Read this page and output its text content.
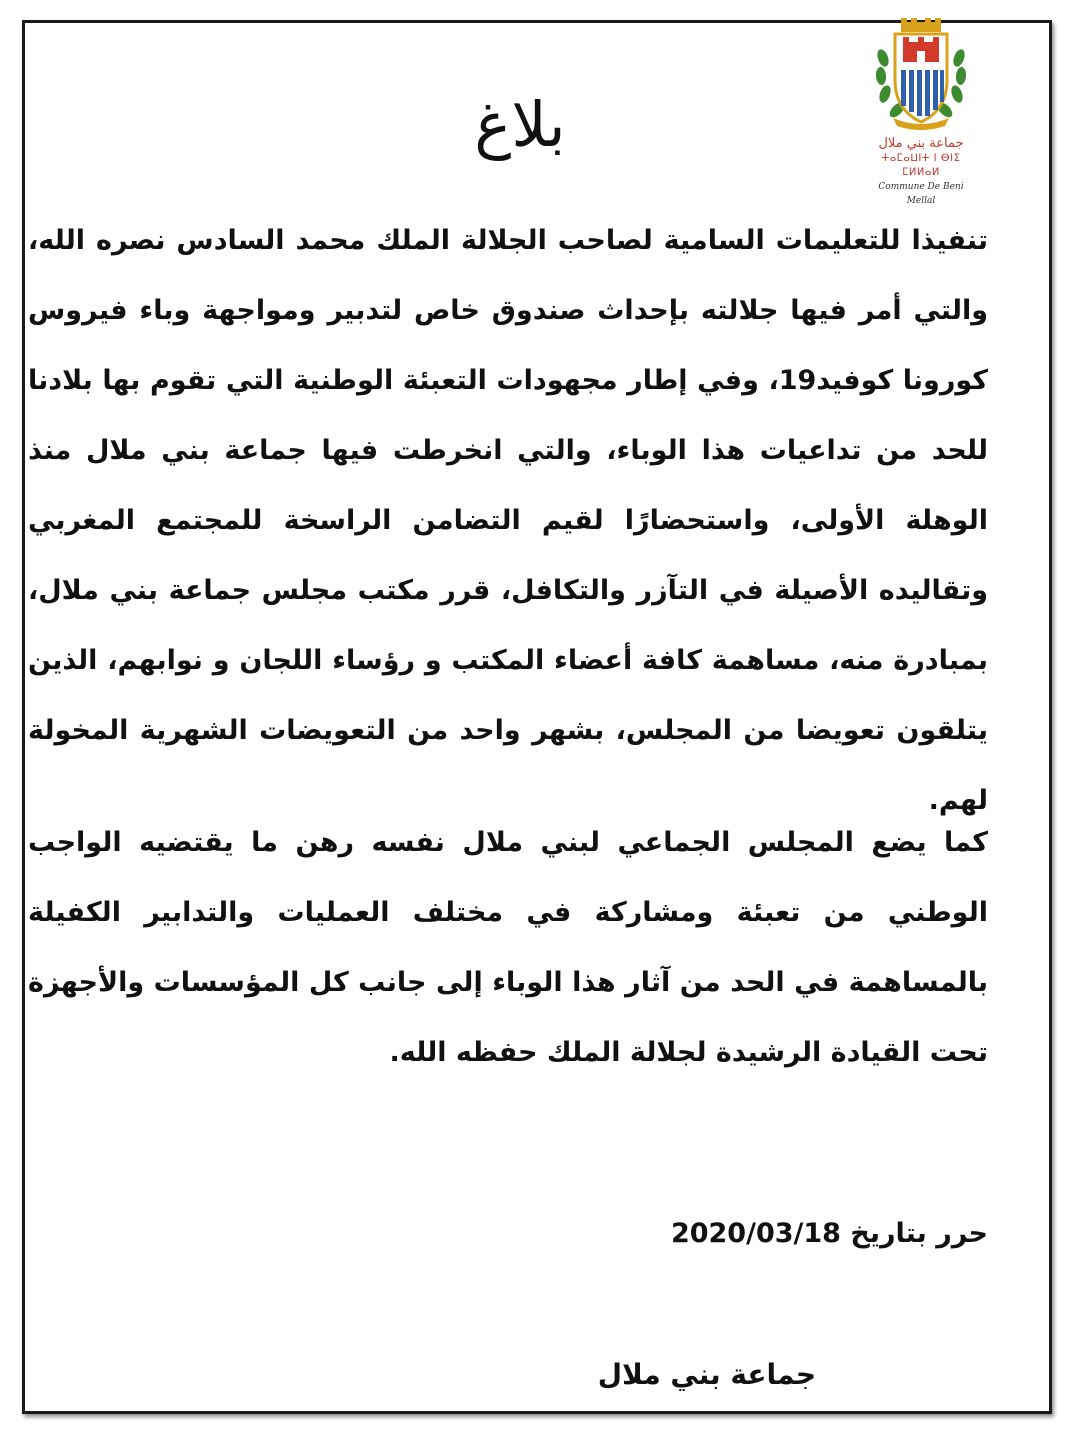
جماعة بني ملال
ⵜⴰⵎⴰⵡⵏⵜ ⵏ ⴱⵏⵉ ⵎⵍⵍⴰⵍ
Commune De Beni Mellal
بلاغ

تنفيذا للتعليمات السامية لصاحب الجلالة الملك محمد السادس نصره الله، والتي أمر فيها جلالته بإحداث صندوق خاص لتدبير ومواجهة وباء فيروس كورونا كوفيد19، وفي إطار مجهودات التعبئة الوطنية التي تقوم بها بلادنا للحد من تداعيات هذا الوباء، والتي انخرطت فيها جماعة بني ملال منذ الوهلة الأولى، واستحضارًا لقيم التضامن الراسخة للمجتمع المغربي وتقاليده الأصيلة في التآزر والتكافل، قرر مكتب مجلس جماعة بني ملال، بمبادرة منه، مساهمة كافة أعضاء المكتب و رؤساء اللجان و نوابهم، الذين يتلقون تعويضا من المجلس، بشهر واحد من التعويضات الشهرية المخولة لهم.

كما يضع المجلس الجماعي لبني ملال نفسه رهن ما يقتضيه الواجب الوطني من تعبئة ومشاركة في مختلف العمليات والتدابير الكفيلة بالمساهمة في الحد من آثار هذا الوباء إلى جانب كل المؤسسات والأجهزة تحت القيادة الرشيدة لجلالة الملك حفظه الله.

حرر بتاريخ 2020/03/18
جماعة بني ملال
